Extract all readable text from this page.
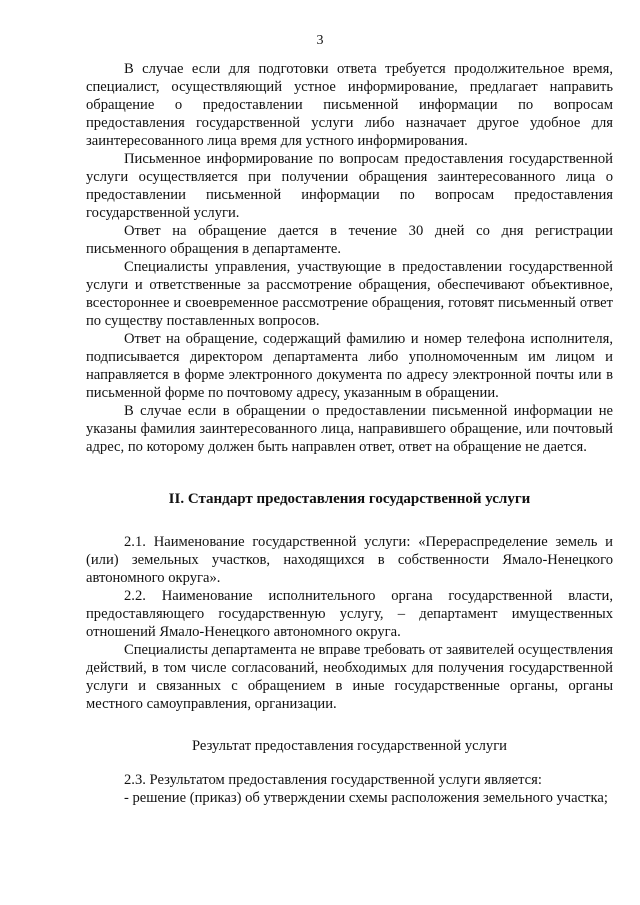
3

В случае если для подготовки ответа требуется продолжительное время, специалист, осуществляющий устное информирование, предлагает направить обращение о предоставлении письменной информации по вопросам предоставления государственной услуги либо назначает другое удобное для заинтересованного лица время для устного информирования.

Письменное информирование по вопросам предоставления государственной услуги осуществляется при получении обращения заинтересованного лица о предоставлении письменной информации по вопросам предоставления государственной услуги.

Ответ на обращение дается в течение 30 дней со дня регистрации письменного обращения в департаменте.

Специалисты управления, участвующие в предоставлении государственной услуги и ответственные за рассмотрение обращения, обеспечивают объективное, всестороннее и своевременное рассмотрение обращения, готовят письменный ответ по существу поставленных вопросов.

Ответ на обращение, содержащий фамилию и номер телефона исполнителя, подписывается директором департамента либо уполномоченным им лицом и направляется в форме электронного документа по адресу электронной почты или в письменной форме по почтовому адресу, указанным в обращении.

В случае если в обращении о предоставлении письменной информации не указаны фамилия заинтересованного лица, направившего обращение, или почтовый адрес, по которому должен быть направлен ответ, ответ на обращение не дается.

II. Стандарт предоставления государственной услуги

2.1. Наименование государственной услуги: «Перераспределение земель и (или) земельных участков, находящихся в собственности Ямало-Ненецкого автономного округа».

2.2. Наименование исполнительного органа государственной власти, предоставляющего государственную услугу, – департамент имущественных отношений Ямало-Ненецкого автономного округа.

Специалисты департамента не вправе требовать от заявителей осуществления действий, в том числе согласований, необходимых для получения государственной услуги и связанных с обращением в иные государственные органы, органы местного самоуправления, организации.

Результат предоставления государственной услуги

2.3. Результатом предоставления государственной услуги является:

- решение (приказ) об утверждении схемы расположения земельного участка;
